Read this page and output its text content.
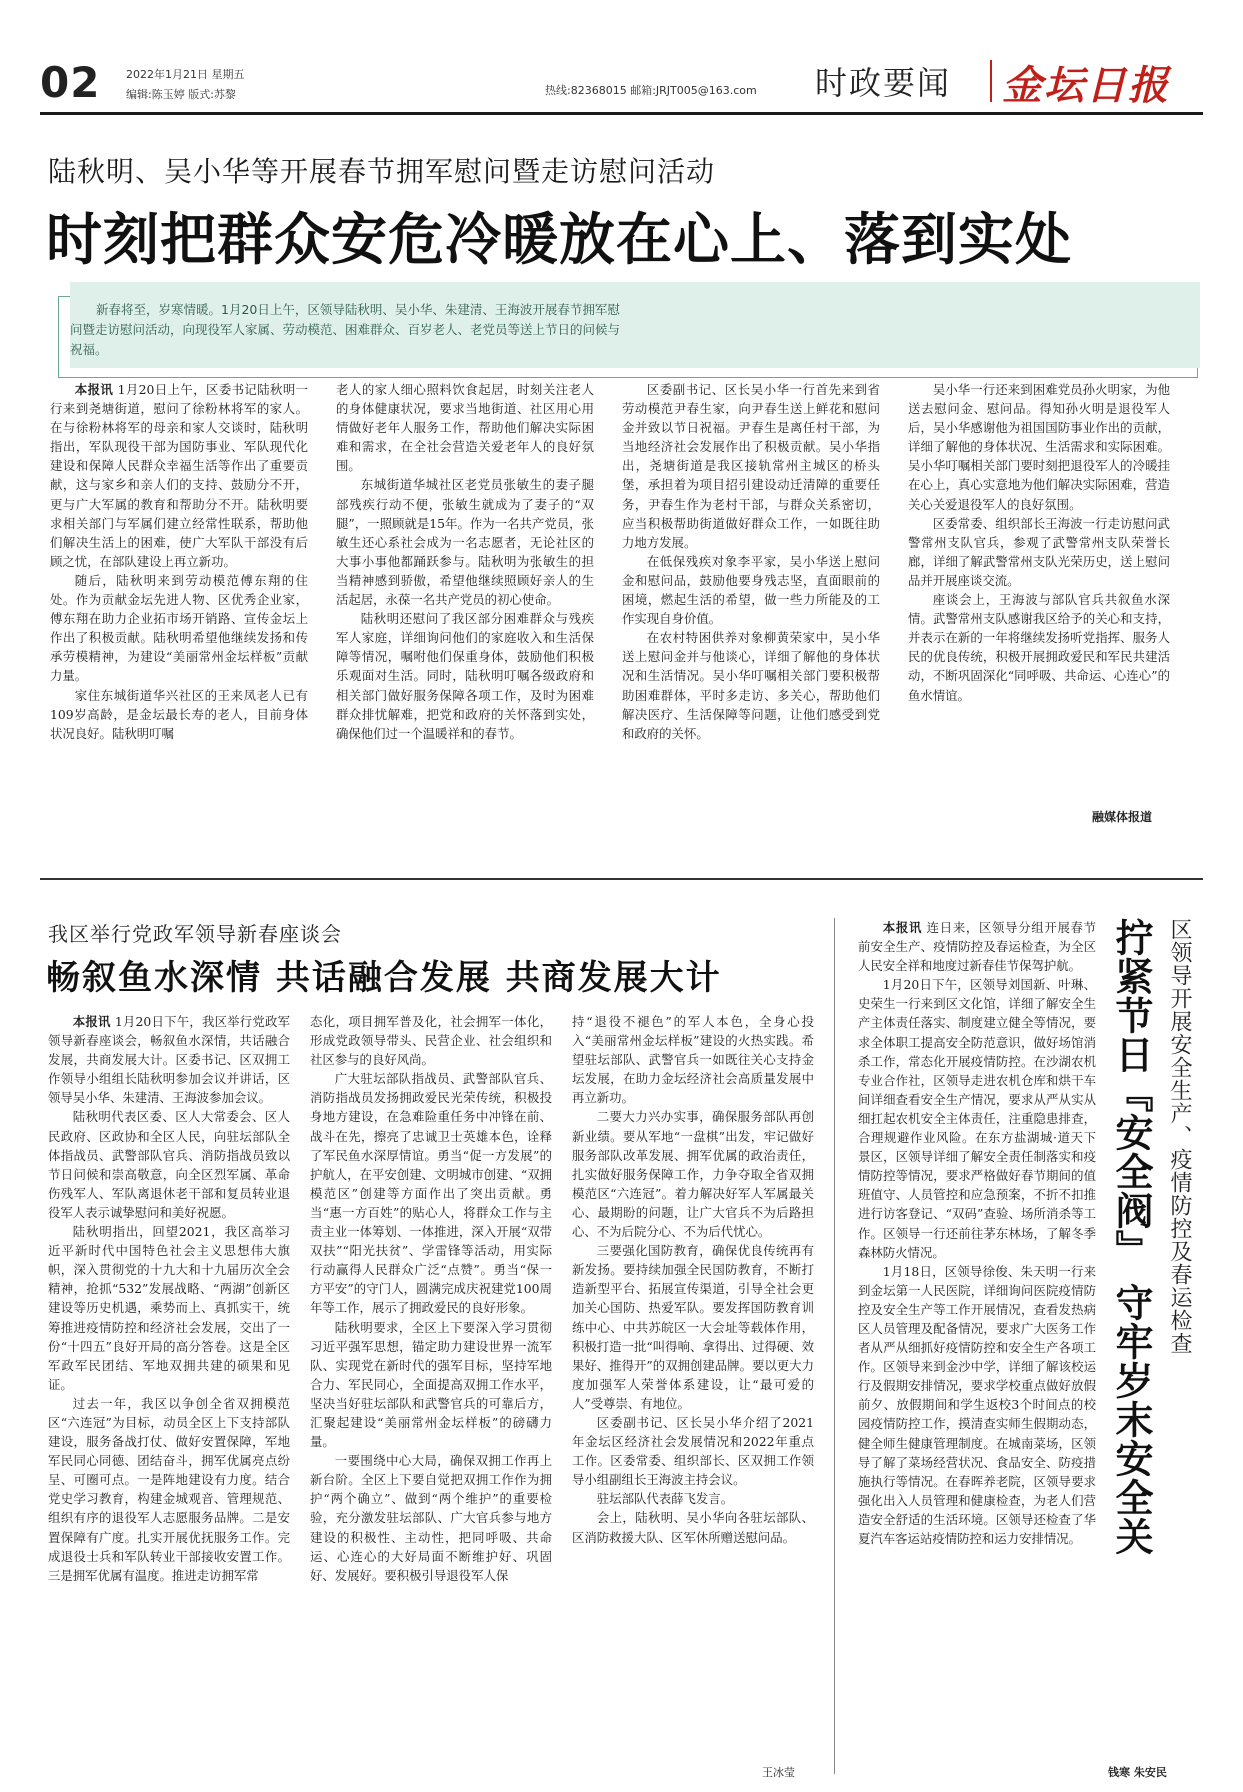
02 2022年1月21日 星期五
编辑:陈玉婷 版式:苏黎	热线:82368015 邮箱:JRJT005@163.com 时政要闻 金坛日报
陆秋明、吴小华等开展春节拥军慰问暨走访慰问活动
时刻把群众安危冷暖放在心上、落到实处
新春将至，岁寒情暖。1月20日上午，区领导陆秋明、吴小华、朱建清、王海波开展春节拥军慰问暨走访慰问活动，向现役军人家属、劳动模范、困难群众、百岁老人、老党员等送上节日的问候与祝福。

本报讯 1月20日上午，区委书记陆秋明一行来到尧塘街道，慰问了徐粉林将军的家人。在与徐粉林将军的母亲和家人交谈时，陆秋明指出，军队现役干部为国防事业、军队现代化建设和保障人民群众幸福生活等作出了重要贡献，这与家乡和亲人们的支持、鼓励分不开，更与广大军属的教育和帮助分不开。陆秋明要求相关部门与军属们建立经常性联系，帮助他们解决生活上的困难，使广大军队干部没有后顾之忧，在部队建设上再立新功。

随后，陆秋明来到劳动模范傅东翔的住处。作为贡献金坛先进人物、区优秀企业家，傅东翔在助力企业拓市场开销路、宣传金坛上作出了积极贡献。陆秋明希望他继续发扬和传承劳模精神，为建设“美丽常州金坛样板”贡献力量。

家住东城街道华兴社区的王来凤老人已有109岁高龄，是金坛最长寿的老人，目前身体状况良好。陆秋明叮嘱

老人的家人细心照料饮食起居，时刻关注老人的身体健康状况，要求当地街道、社区用心用情做好老年人服务工作，帮助他们解决实际困难和需求，在全社会营造关爱老年人的良好氛围。

东城街道华城社区老党员张敏生的妻子腿部残疾行动不便，张敏生就成为了妻子的“双腿”，一照顾就是15年。作为一名共产党员，张敏生还心系社会成为一名志愿者，无论社区的大事小事他都踊跃参与。陆秋明为张敏生的担当精神感到骄傲，希望他继续照顾好亲人的生活起居，永葆一名共产党员的初心使命。

陆秋明还慰问了我区部分困难群众与残疾军人家庭，详细询问他们的家庭收入和生活保障等情况，嘱咐他们保重身体，鼓励他们积极乐观面对生活。同时，陆秋明叮嘱各级政府和相关部门做好服务保障各项工作，及时为困难群众排忧解难，把党和政府的关怀落到实处，确保他们过一个温暖祥和的春节。

区委副书记、区长吴小华一行首先来到省劳动模范尹春生家，向尹春生送上鲜花和慰问金并致以节日祝福。尹春生是离任村干部，为当地经济社会发展作出了积极贡献。吴小华指出，尧塘街道是我区接轨常州主城区的桥头堡，承担着为项目招引建设动迁清障的重要任务，尹春生作为老村干部，与群众关系密切，应当积极帮助街道做好群众工作，一如既往助力地方发展。

在低保残疾对象李平家，吴小华送上慰问金和慰问品，鼓励他要身残志坚，直面眼前的困境，燃起生活的希望，做一些力所能及的工作实现自身价值。

在农村特困供养对象柳黄荣家中，吴小华送上慰问金并与他谈心，详细了解他的身体状况和生活情况。吴小华叮嘱相关部门要积极帮助困难群体，平时多走访、多关心，帮助他们解决医疗、生活保障等问题，让他们感受到党和政府的关怀。

吴小华一行还来到困难党员孙火明家，为他送去慰问金、慰问品。得知孙火明是退役军人后，吴小华感谢他为祖国国防事业作出的贡献，详细了解他的身体状况、生活需求和实际困难。吴小华叮嘱相关部门要时刻把退役军人的冷暖挂在心上，真心实意地为他们解决实际困难，营造关心关爱退役军人的良好氛围。

区委常委、组织部长王海波一行走访慰问武警常州支队官兵，参观了武警常州支队荣誉长廊，详细了解武警常州支队光荣历史，送上慰问品并开展座谈交流。

座谈会上，王海波与部队官兵共叙鱼水深情。武警常州支队感谢我区给予的关心和支持，并表示在新的一年将继续发扬听党指挥、服务人民的优良传统，积极开展拥政爱民和军民共建活动，不断巩固深化“同呼吸、共命运、心连心”的鱼水情谊。

融媒体报道
我区举行党政军领导新春座谈会
畅叙鱼水深情 共话融合发展 共商发展大计

本报讯 1月20日下午，我区举行党政军领导新春座谈会，畅叙鱼水深情，共话融合发展，共商发展大计。区委书记、区双拥工作领导小组组长陆秋明参加会议并讲话，区领导吴小华、朱建清、王海波参加会议。

陆秋明代表区委、区人大常委会、区人民政府、区政协和全区人民，向驻坛部队全体指战员、武警部队官兵、消防指战员致以节日问候和崇高敬意，向全区烈军属、革命伤残军人、军队离退休老干部和复员转业退役军人表示诚挚慰问和美好祝愿。

陆秋明指出，回望2021，我区高举习近平新时代中国特色社会主义思想伟大旗帜，深入贯彻党的十九大和十九届历次全会精神，抢抓“532”发展战略、“两湖”创新区建设等历史机遇，乘势而上、真抓实干，统筹推进疫情防控和经济社会发展，交出了一份“十四五”良好开局的高分答卷。这是全区军政军民团结、军地双拥共建的硕果和见证。

过去一年，我区以争创全省双拥模范区“六连冠”为目标，动员全区上下支持部队建设，服务备战打仗、做好安置保障，军地军民同心同德、团结奋斗，拥军优属亮点纷呈、可圈可点。一是阵地建设有力度。结合党史学习教育，构建金城观音、管理规范、组织有序的退役军人志愿服务品牌。二是安置保障有广度。扎实开展优抚服务工作。完成退役士兵和军队转业干部接收安置工作。三是拥军优属有温度。推进走访拥军常

态化，项目拥军普及化，社会拥军一体化，形成党政领导带头、民营企业、社会组织和社区参与的良好风尚。

广大驻坛部队指战员、武警部队官兵、消防指战员发扬拥政爱民光荣传统，积极投身地方建设，在急难险重任务中冲锋在前、战斗在先，擦亮了忠诚卫士英雄本色，诠释了军民鱼水深厚情谊。勇当“促一方发展”的护航人，在平安创建、文明城市创建、“双拥模范区”创建等方面作出了突出贡献。勇当“惠一方百姓”的贴心人，将群众工作与主责主业一体筹划、一体推进，深入开展“双带双扶”“阳光扶贫”、学雷锋等活动，用实际行动赢得人民群众广泛“点赞”。勇当“保一方平安”的守门人，圆满完成庆祝建党100周年等工作，展示了拥政爱民的良好形象。

陆秋明要求，全区上下要深入学习贯彻习近平强军思想，锚定助力建设世界一流军队、实现党在新时代的强军目标，坚持军地合力、军民同心，全面提高双拥工作水平，坚决当好驻坛部队和武警官兵的可靠后方，汇聚起建设“美丽常州金坛样板”的磅礴力量。

一要围绕中心大局，确保双拥工作再上新台阶。全区上下要自觉把双拥工作作为拥护“两个确立”、做到“两个维护”的重要检验，充分激发驻坛部队、广大官兵参与地方建设的积极性、主动性，把同呼吸、共命运、心连心的大好局面不断维护好、巩固好、发展好。要积极引导退役军人保

持“退役不褪色”的军人本色，全身心投入“美丽常州金坛样板”建设的火热实践。希望驻坛部队、武警官兵一如既往关心支持金坛发展，在助力金坛经济社会高质量发展中再立新功。

二要大力兴办实事，确保服务部队再创新业绩。要从军地“一盘棋”出发，牢记做好服务部队改革发展、拥军优属的政治责任，扎实做好服务保障工作，力争夺取全省双拥模范区“六连冠”。着力解决好军人军属最关心、最期盼的问题，让广大官兵不为后路担心、不为后院分心、不为后代忧心。

三要强化国防教育，确保优良传统再有新发扬。要持续加强全民国防教育，不断打造新型平台、拓展宣传渠道，引导全社会更加关心国防、热爱军队。要发挥国防教育训练中心、中共苏皖区一大会址等载体作用，积极打造一批“叫得响、拿得出、过得硬、效果好、推得开”的双拥创建品牌。要以更大力度加强军人荣誉体系建设，让“最可爱的人”受尊崇、有地位。

区委副书记、区长吴小华介绍了2021年金坛区经济社会发展情况和2022年重点工作。区委常委、组织部长、区双拥工作领导小组副组长王海波主持会议。

驻坛部队代表薛飞发言。

会上，陆秋明、吴小华向各驻坛部队、区消防救援大队、区军休所赠送慰问品。

王冰莹

本报讯 连日来，区领导分组开展春节前安全生产、疫情防控及春运检查，为全区人民安全祥和地度过新春佳节保驾护航。

1月20日下午，区领导刘国新、叶琳、史荣生一行来到区文化馆，详细了解安全生产主体责任落实、制度建立健全等情况，要求全体职工提高安全防范意识，做好场馆消杀工作，常态化开展疫情防控。在沙湖农机专业合作社，区领导走进农机仓库和烘干车间详细查看安全生产情况，要求从严从实从细扛起农机安全主体责任，注重隐患排查，合理规避作业风险。在东方盐湖城·道天下景区，区领导详细了解安全责任制落实和疫情防控等情况，要求严格做好春节期间的值班值守、人员管控和应急预案，不折不扣推进行访客登记、“双码”查验、场所消杀等工作。区领导一行还前往茅东林场，了解冬季森林防火情况。

1月18日，区领导徐俊、朱天明一行来到金坛第一人民医院，详细询问医院疫情防控及安全生产等工作开展情况，查看发热病区人员管理及配备情况，要求广大医务工作者从严从细抓好疫情防控和安全生产各项工作。区领导来到金沙中学，详细了解该校运行及假期安排情况，要求学校重点做好放假前夕、放假期间和学生返校3个时间点的校园疫情防控工作，摸清查实师生假期动态，健全师生健康管理制度。在城南菜场，区领导了解了菜场经营状况、食品安全、防疫措施执行等情况。在春晖养老院，区领导要求强化出入人员管理和健康检查，为老人们营造安全舒适的生活环境。区领导还检查了华夏汽车客运站疫情防控和运力安排情况。 拧紧节日『安全阀』 守牢岁末安全关 区领导开展安全生产、疫情防控及春运检查
钱寒 朱安民
